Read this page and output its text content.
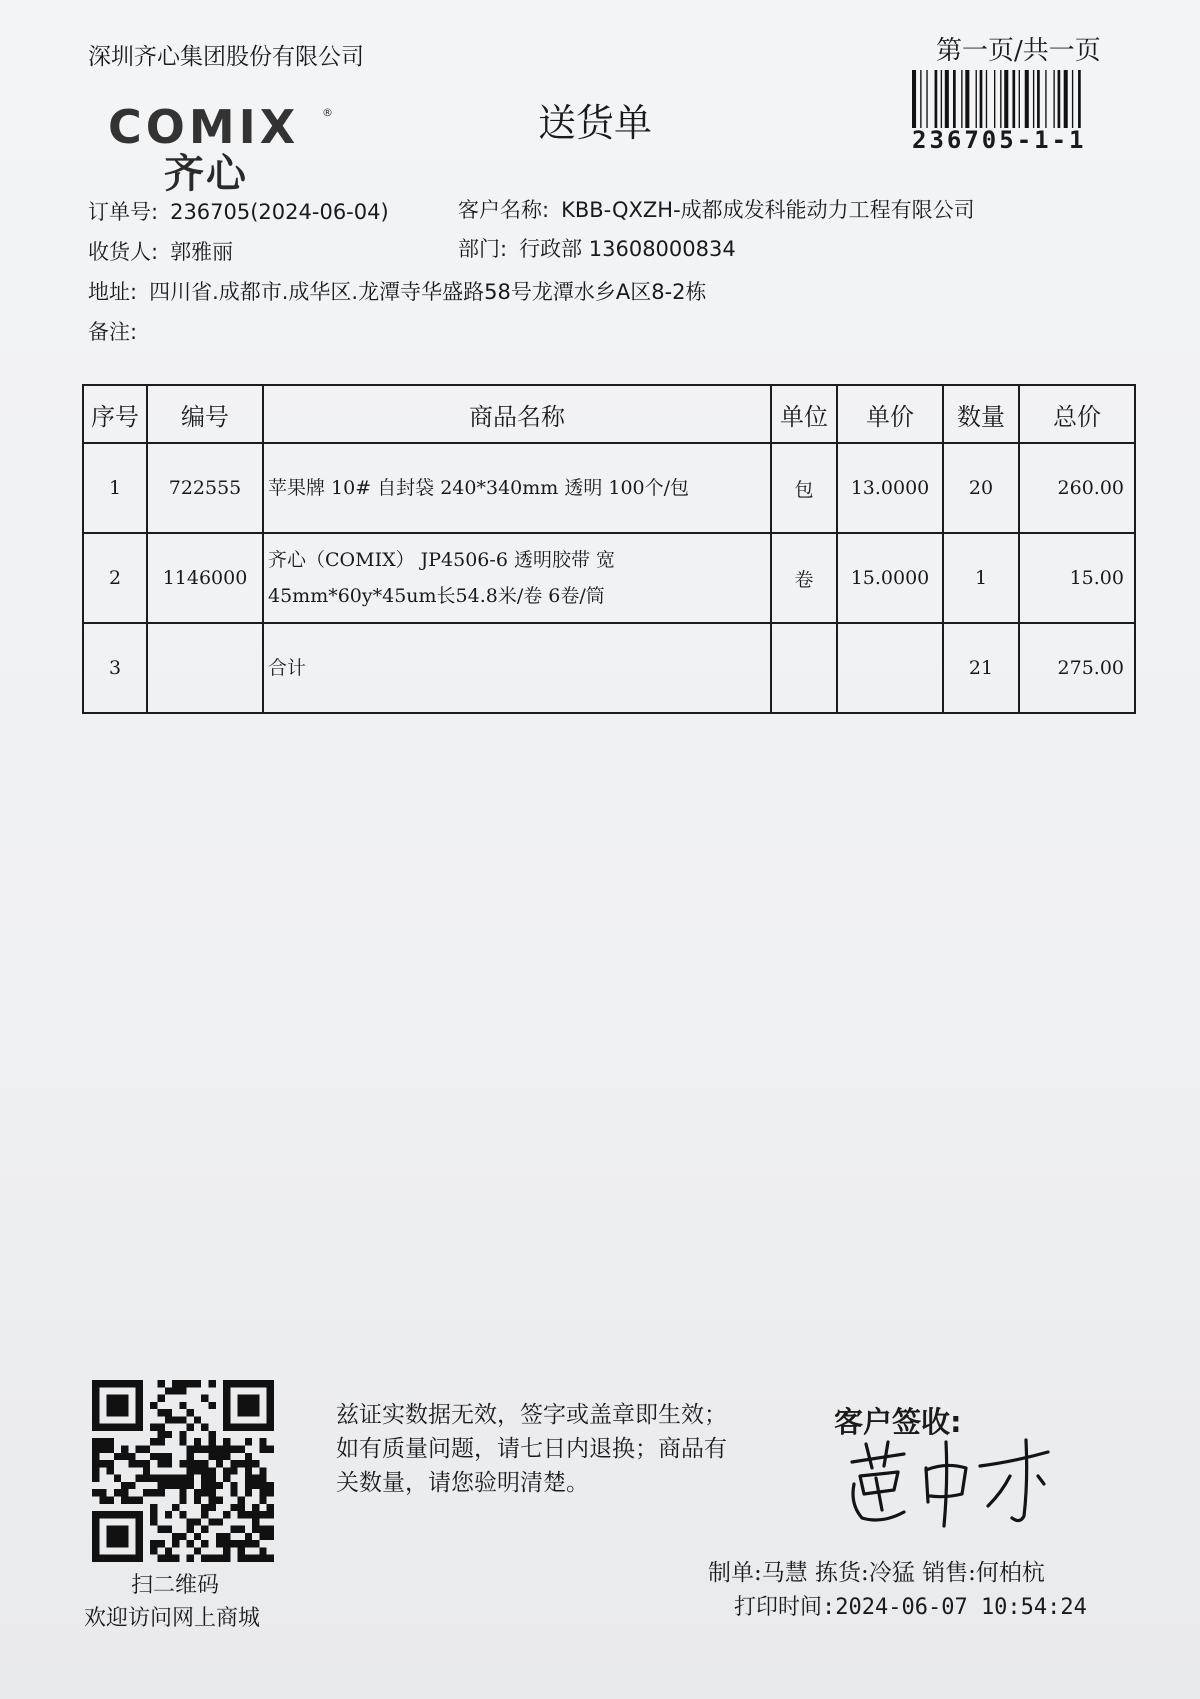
深圳齐心集团股份有限公司
COMIX ®
齐心
送货单
第一页/共一页
236705-1-1
订单号: 236705(2024-06-04)	客户名称: KBB-QXZH-成都成发科能动力工程有限公司
收货人: 郭雅丽	部门: 行政部 13608000834
地址: 四川省.成都市.成华区.龙潭寺华盛路58号龙潭水乡A区8-2栋
备注:
序号	编号	商品名称	单位	单价	数量	总价
1	722555	苹果牌 10# 自封袋 240*340mm 透明 100个/包	包	13.0000	20	260.00
2	1146000	齐心（COMIX） JP4506-6 透明胶带 宽
45mm*60y*45um长54.8米/卷 6卷/筒	卷	15.0000	1	15.00
3		合计			21	275.00
扫二维码
欢迎访问网上商城
兹证实数据无效，签字或盖章即生效；如有质量问题，请七日内退换；商品有关数量，请您验明清楚。
客户签收:
制单:马慧 拣货:冷猛 销售:何柏杭
打印时间:2024-06-07 10:54:24
